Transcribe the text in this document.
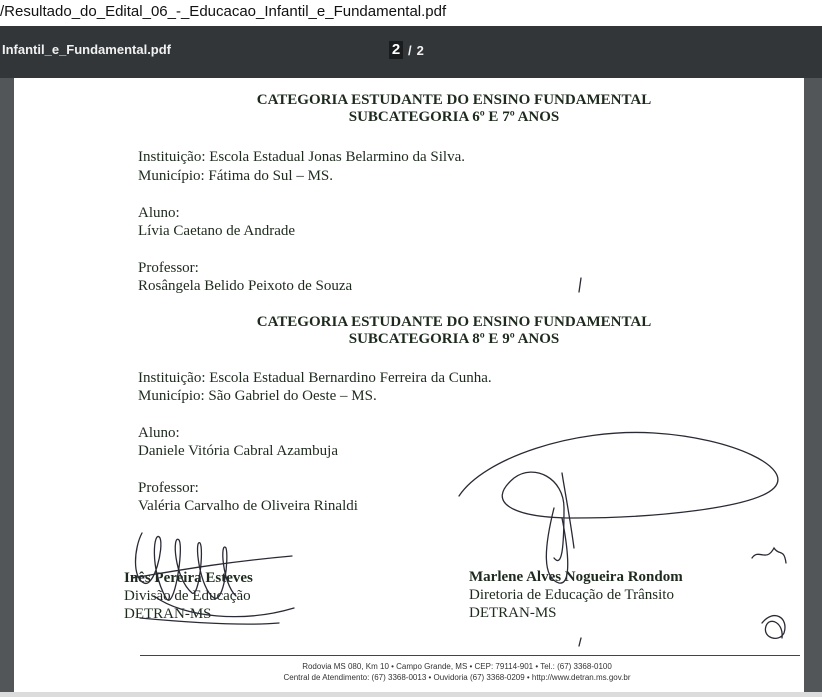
/Resultado_do_Edital_06_-_Educacao_Infantil_e_Fundamental.pdf
Infantil_e_Fundamental.pdf
2	/ 2
CATEGORIA ESTUDANTE DO ENSINO FUNDAMENTAL
SUBCATEGORIA 6º E 7º ANOS
Instituição: Escola Estadual Jonas Belarmino da Silva.
Município: Fátima do Sul – MS.
Aluno:
Lívia Caetano de Andrade
Professor:
Rosângela Belido Peixoto de Souza
CATEGORIA ESTUDANTE DO ENSINO FUNDAMENTAL
SUBCATEGORIA 8º E 9º ANOS
Instituição: Escola Estadual Bernardino Ferreira da Cunha.
Município: São Gabriel do Oeste – MS.
Aluno:
Daniele Vitória Cabral Azambuja
Professor:
Valéria Carvalho de Oliveira Rinaldi
Inês Pereira Esteves
Divisão de Educação
DETRAN-MS
Marlene Alves Nogueira Rondom
Diretoria de Educação de Trânsito
DETRAN-MS
Rodovia MS 080, Km 10 • Campo Grande, MS • CEP: 79114-901 • Tel.: (67) 3368-0100
Central de Atendimento: (67) 3368-0013 • Ouvidoria (67) 3368-0209 • http://www.detran.ms.gov.br
